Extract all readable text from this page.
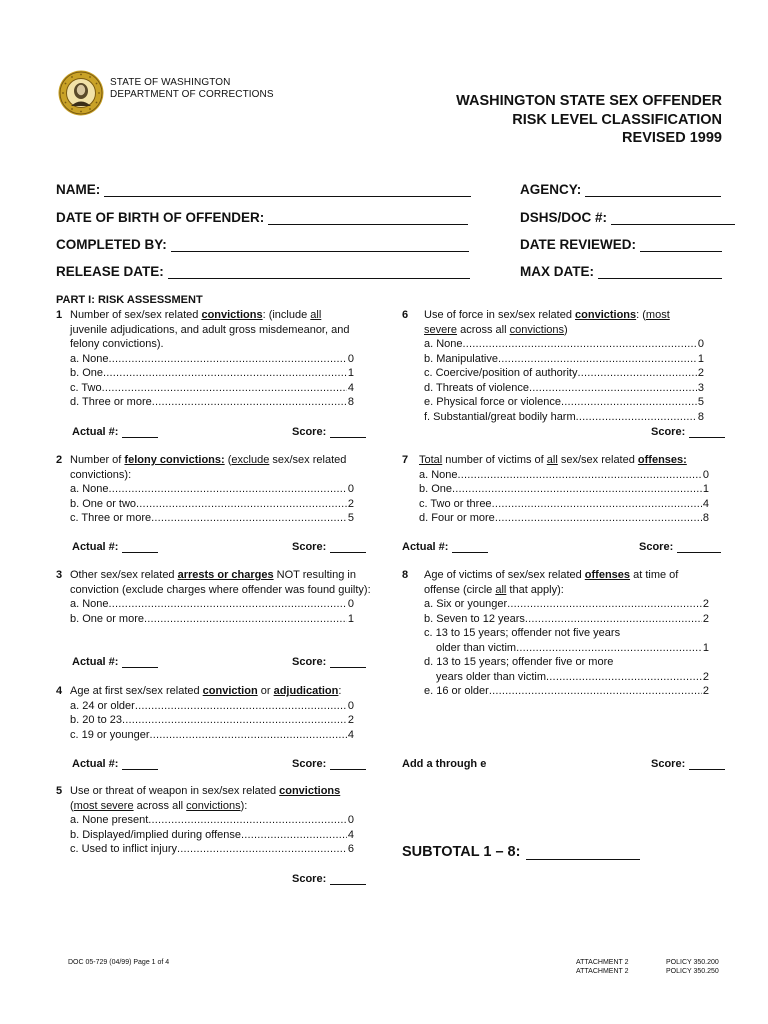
STATE OF WASHINGTON
DEPARTMENT OF CORRECTIONS	WASHINGTON STATE SEX OFFENDER
RISK LEVEL CLASSIFICATION
REVISED 1999
NAME:	AGENCY:
DATE OF BIRTH OF OFFENDER:	DSHS/DOC #:
COMPLETED BY:	DATE REVIEWED:
RELEASE DATE:	MAX DATE:
PART I: RISK ASSESSMENT
1 Number of sex/sex related convictions: (include all juvenile adjudications, and adult gross misdemeanor, and felony convictions).
a. None .....	0
b. One .....	1
c. Two .....	4
d. Three or more .....	8
Actual #:	Score:
2 Number of felony convictions: (exclude sex/sex related convictions):
a. None .....	0
b. One or two .....	2
c. Three or more .....	5
Actual #:	Score:
3 Other sex/sex related arrests or charges NOT resulting in conviction (exclude charges where offender was found guilty):
a. None .....	0
b. One or more .....	1
Actual #:	Score:
4 Age at first sex/sex related conviction or adjudication:
a. 24 or older .....	0
b. 20 to 23 .....	2
c. 19 or younger .....	4
Actual #:	Score:
5 Use or threat of weapon in sex/sex related convictions
(most severe across all convictions):
a. None present .....	0
b. Displayed/implied during offense .....	4
c. Used to inflict injury .....	6
Score:
6 Use of force in sex/sex related convictions: (most severe across all convictions)
a. None .....	0
b. Manipulative .....	1
c. Coercive/position of authority .....	2
d. Threats of violence .....	3
e. Physical force or violence .....	5
f. Substantial/great bodily harm .....	8
Score:
7 Total number of victims of all sex/sex related offenses:
a. None .....	0
b. One .....	1
c. Two or three .....	4
d. Four or more .....	8
Actual #:	Score:
8 Age of victims of sex/sex related offenses at time of offense (circle all that apply):
a. Six or younger .....	2
b. Seven to 12 years .....	2
c. 13 to 15 years; offender not five years
older than victim .....	1
d. 13 to 15 years; offender five or more
years older than victim .....	2
e. 16 or older .....	2
Add a through e	Score:
SUBTOTAL 1 – 8:
DOC 05-729 (04/99) Page 1 of 4	ATTACHMENT 2
ATTACHMENT 2
POLICY 350.200
POLICY 350.250
